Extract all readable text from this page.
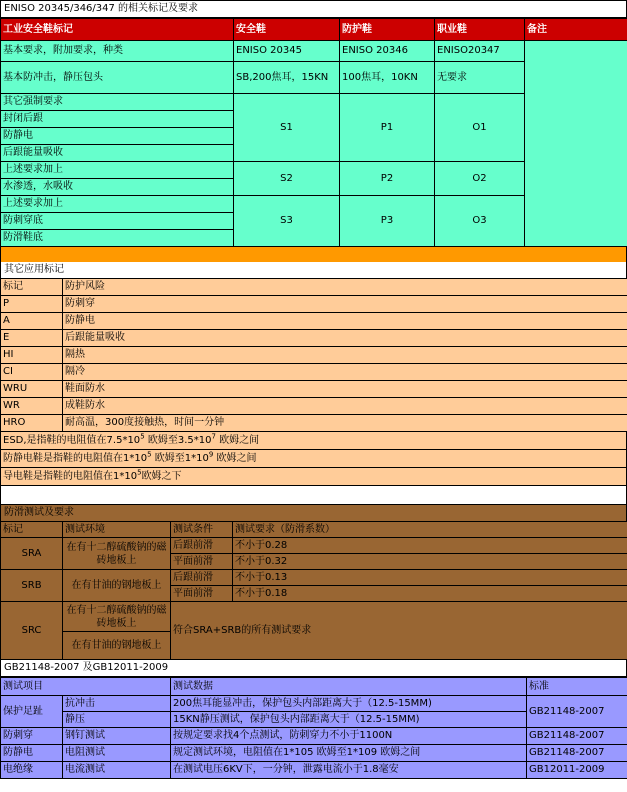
ENISO 20345/346/347 的相关标记及要求
工业安全鞋标记	安全鞋	防护鞋	职业鞋	备注
基本要求，附加要求，种类	ENISO 20345	ENISO 20346	ENISO20347	
基本防冲击，静压包头	SB,200焦耳，15KN	100焦耳，10KN	无要求	
其它强制要求	S1	P1	O1	
封闭后跟				
防静电				
后跟能量吸收				
上述要求加上	S2	P2	O2	
水渗透，水吸收				
上述要求加上	S3	P3	O3	
防刺穿底				
防滑鞋底				
其它应用标记
标记	防护风险
P	防刺穿
A	防静电
E	后跟能量吸收
HI	隔热
CI	隔冷
WRU	鞋面防水
WR	成鞋防水
HRO	耐高温，300度接触热，时间一分钟
ESD,是指鞋的电阻值在$7.5*10^5$ 欧姆至$3.5*10^7$ 欧姆之间
防静电鞋是指鞋的电阻值在$1*10^5$ 欧姆至$1*10^9$ 欧姆之间
导电鞋是指鞋的电阻值在$1*10^5$欧姆之下
防滑测试及要求
标记	测试环境	测试条件	测试要求（防滑系数）
SRA	在有十二醇硫酸钠的磁砖地板上	后跟前滑	不小于0.28
		平面前滑	不小于0.32
SRB	在有甘油的钢地板上	后跟前滑	不小于0.13
		平面前滑	不小于0.18
SRC	在有十二醇硫酸钠的磁砖地板上	符合SRA+SRB的所有测试要求	
	在有甘油的钢地板上		
GB21148-2007 及GB12011-2009
测试项目		测试数据	标准
保护足趾	抗冲击	200焦耳能显冲击，保护包头内部距离大于（12.5-15MM)	GB21148-2007
	静压	15KN静压测试，保护包头内部距离大于（12.5-15MM)	
防刺穿	钢钉测试	按规定要求找4个点测试，防刺穿力不小于1100N	GB21148-2007
防静电	电阻测试	规定测试环境，电阻值在1*105 欧姆至1*109 欧姆之间	GB21148-2007
电绝缘	电流测试	在测试电压6KV下，一分钟，泄露电流小于1.8毫安	GB12011-2009
